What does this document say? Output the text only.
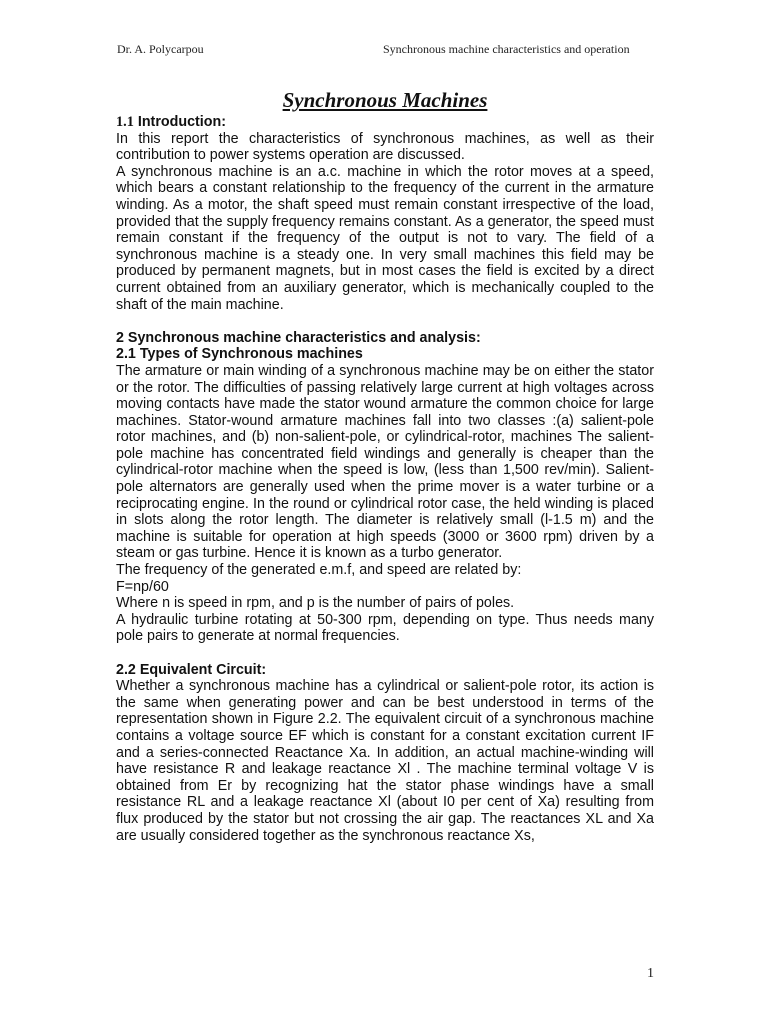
Dr. A. Polycarpou	Synchronous machine characteristics and operation
Synchronous Machines

1.1 Introduction:

In this report the characteristics of synchronous machines, as well as their contribution to power systems operation are discussed.

A synchronous machine is an a.c. machine in which the rotor moves at a speed, which bears a constant relationship to the frequency of the current in the armature winding. As a motor, the shaft speed must remain constant irrespective of the load, provided that the supply frequency remains constant. As a generator, the speed must remain constant if the frequency of the output is not to vary. The field of a synchronous machine is a steady one. In very small machines this field may be produced by permanent magnets, but in most cases the field is excited by a direct current obtained from an auxiliary generator, which is mechanically coupled to the shaft of the main machine.

2 Synchronous machine characteristics and analysis:

2.1 Types of Synchronous machines

The armature or main winding of a synchronous machine may be on either the stator or the rotor. The difficulties of passing relatively large current at high voltages across moving contacts have made the stator wound armature the common choice for large machines. Stator-wound armature machines fall into two classes :(a) salient-pole rotor machines, and (b) non-salient-pole, or cylindrical-rotor, machines The salient-pole machine has concentrated field windings and generally is cheaper than the cylindrical-rotor machine when the speed is low, (less than 1,500 rev/min). Salient-pole alternators are generally used when the prime mover is a water turbine or a reciprocating engine. In the round or cylindrical rotor case, the held winding is placed in slots along the rotor length. The diameter is relatively small (l-1.5 m) and the machine is suitable for operation at high speeds (3000 or 3600 rpm) driven by a steam or gas turbine. Hence it is known as a turbo generator.

The frequency of the generated e.m.f, and speed are related by:

F=np/60

Where n is speed in rpm, and p is the number of pairs of poles.

A hydraulic turbine rotating at 50-300 rpm, depending on type. Thus needs many pole pairs to generate at normal frequencies.

2.2 Equivalent Circuit:

Whether a synchronous machine has a cylindrical or salient-pole rotor, its action is the same when generating power and can be best understood in terms of the representation shown in Figure 2.2. The equivalent circuit of a synchronous machine contains a voltage source EF which is constant for a constant excitation current IF and a series-connected Reactance Xa. In addition, an actual machine-winding will have resistance R and leakage reactance Xl . The machine terminal voltage V is obtained from Er by recognizing hat the stator phase windings have a small resistance RL and a leakage reactance Xl (about I0 per cent of Xa) resulting from flux produced by the stator but not crossing the air gap. The reactances XL and Xa are usually considered together as the synchronous reactance Xs,

1
